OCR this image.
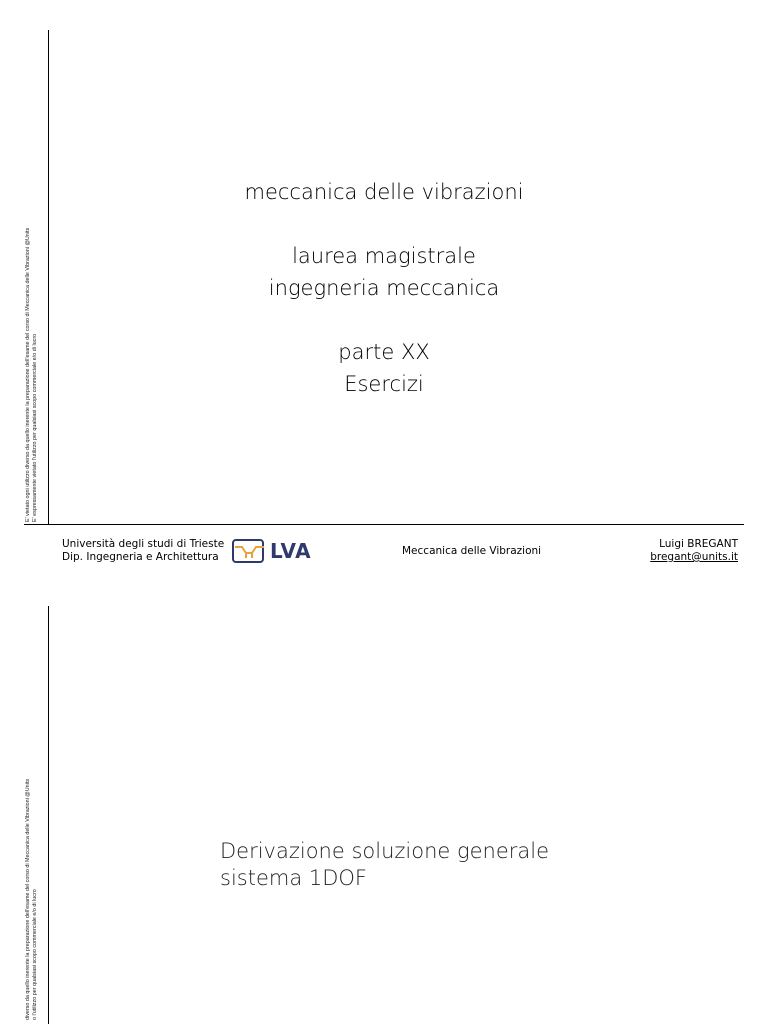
E' vietato ogni utilizzo diverso da quello inerente la preparazione dell'esame del corso di Meccanica delle Vibrazioni @Units E' espressamente vietato l'utilizzo per qualsiasi scopo commerciale e/o di lucro
meccanica delle vibrazioni
laurea magistrale
ingegneria meccanica
parte XX
Esercizi
Università degli studi di Trieste
Dip. Ingegneria e Architettura	LVA	Meccanica delle Vibrazioni
Luigi BREGANT
bregant@units.it
diverso da quello inerente la preparazione dell'esame del corso di Meccanica delle Vibrazioni @Units o l'utilizzo per qualsiasi scopo commerciale e/o di lucro
Derivazione soluzione generale
sistema 1DOF
